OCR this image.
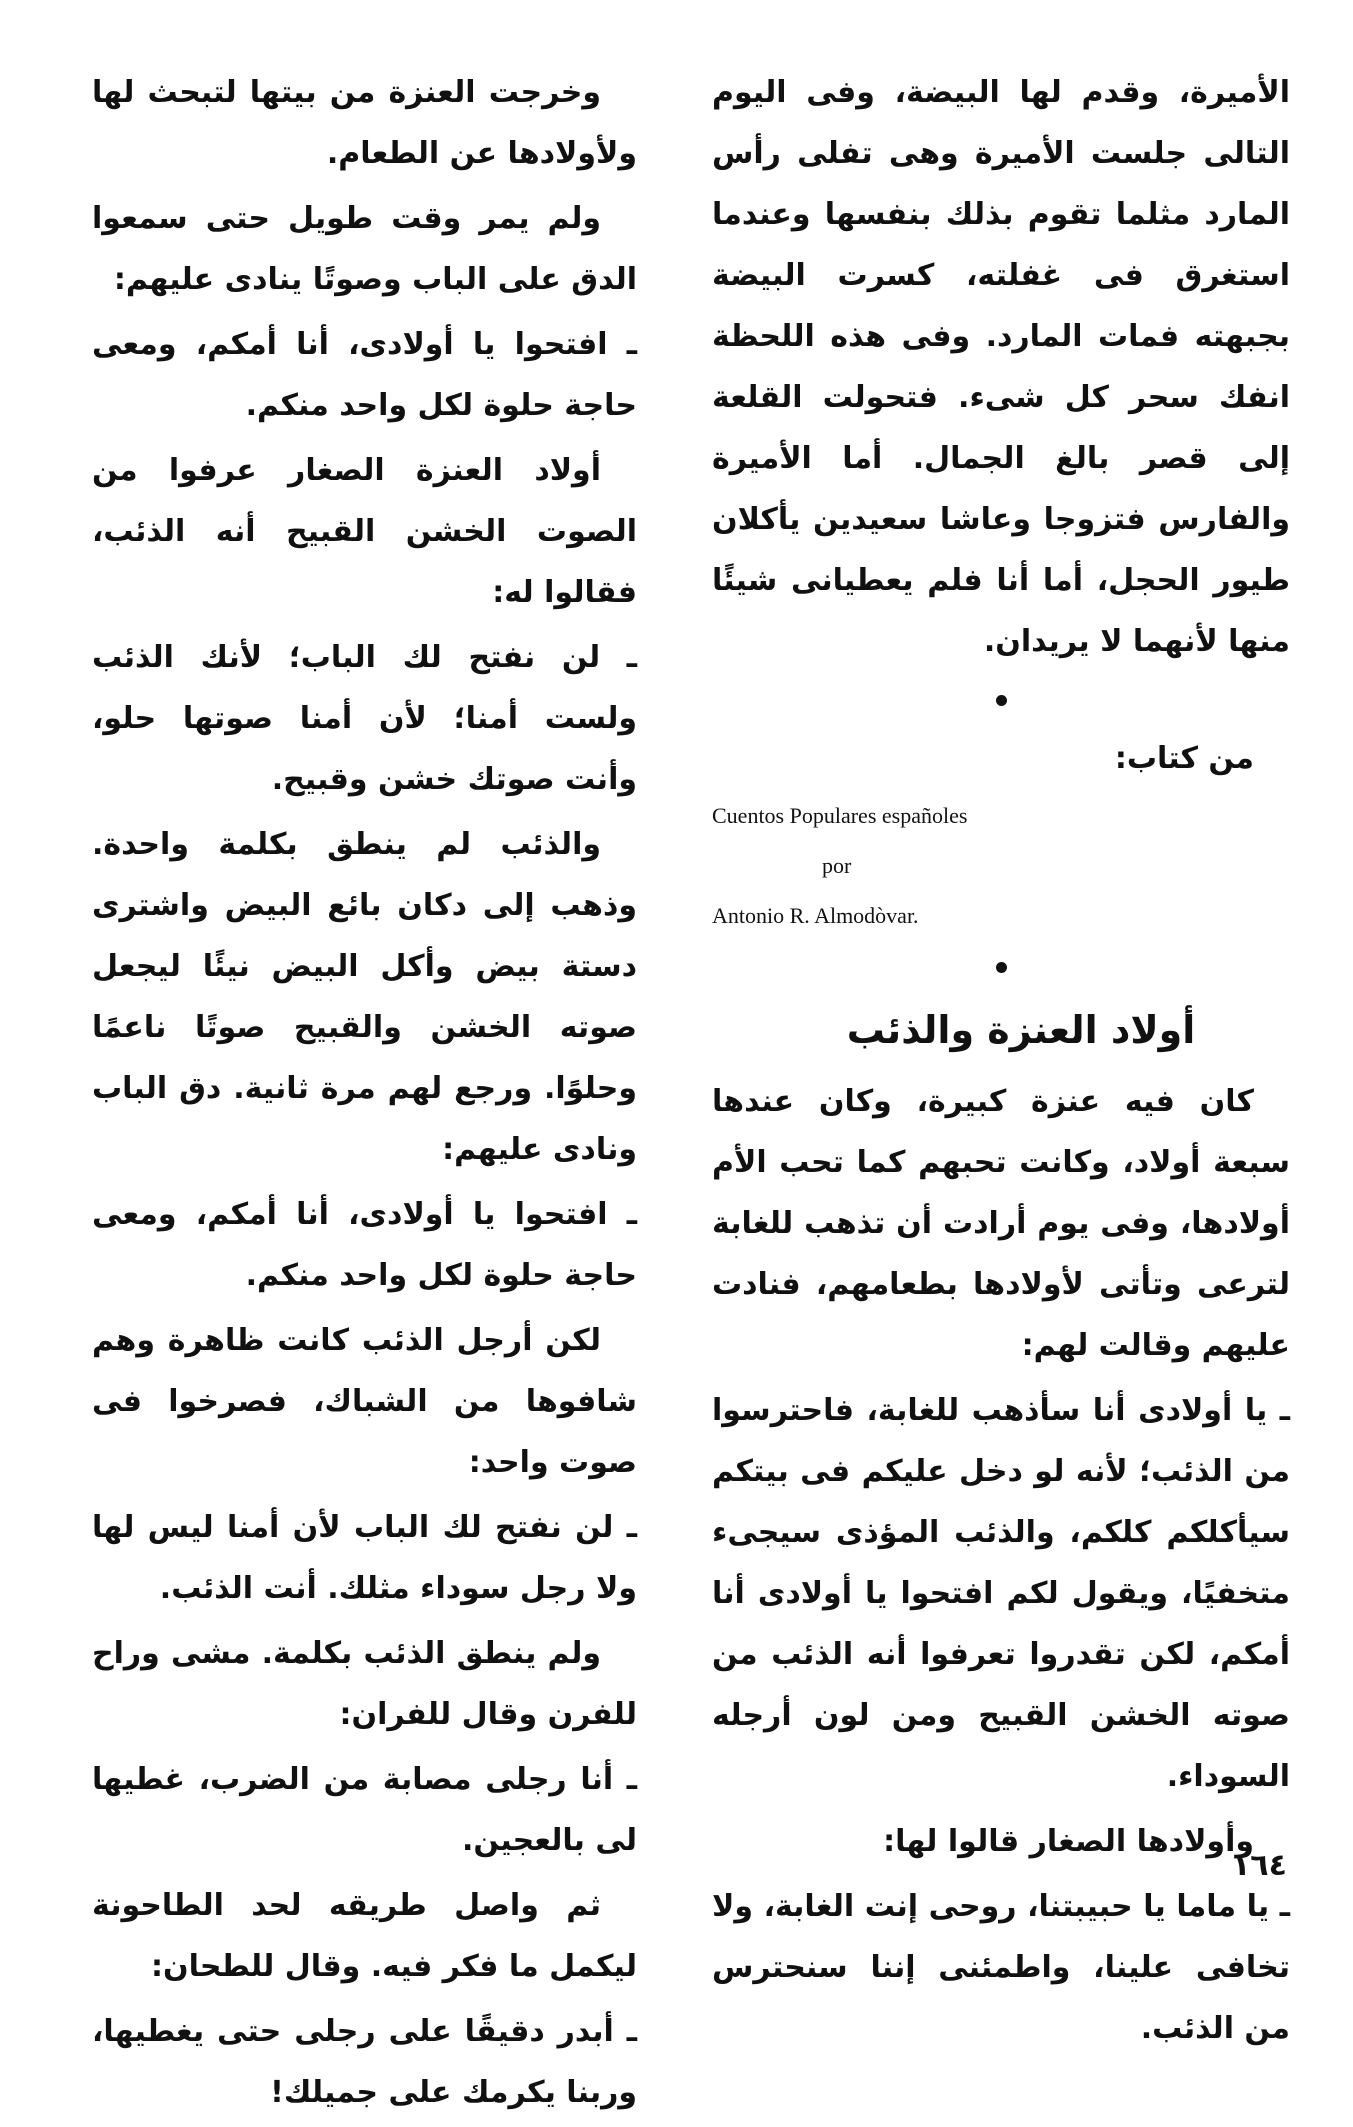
الأميرة، وقدم لها البيضة، وفى اليوم التالى جلست الأميرة وهى تفلى رأس المارد مثلما تقوم بذلك بنفسها وعندما استغرق فى غفلته، كسرت البيضة بجبهته فمات المارد. وفى هذه اللحظة انفك سحر كل شىء. فتحولت القلعة إلى قصر بالغ الجمال. أما الأميرة والفارس فتزوجا وعاشا سعيدين يأكلان طيور الحجل، أما أنا فلم يعطيانى شيئًا منها لأنهما لا يريدان.

من كتاب:

Cuentos Populares españoles

por

Antonio R. Almodòvar.

أولاد العنزة والذئب

كان فيه عنزة كبيرة، وكان عندها سبعة أولاد، وكانت تحبهم كما تحب الأم أولادها، وفى يوم أرادت أن تذهب للغابة لترعى وتأتى لأولادها بطعامهم، فنادت عليهم وقالت لهم:

ـ يا أولادى أنا سأذهب للغابة، فاحترسوا من الذئب؛ لأنه لو دخل عليكم فى بيتكم سيأكلكم كلكم، والذئب المؤذى سيجىء متخفيًا، ويقول لكم افتحوا يا أولادى أنا أمكم، لكن تقدروا تعرفوا أنه الذئب من صوته الخشن القبيح ومن لون أرجله السوداء.

وأولادها الصغار قالوا لها:

ـ يا ماما يا حبيبتنا، روحى إنت الغابة، ولا تخافى علينا، واطمئنى إننا سنحترس من الذئب.

وخرجت العنزة من بيتها لتبحث لها ولأولادها عن الطعام.

ولم يمر وقت طويل حتى سمعوا الدق على الباب وصوتًا ينادى عليهم:

ـ افتحوا يا أولادى، أنا أمكم، ومعى حاجة حلوة لكل واحد منكم.

أولاد العنزة الصغار عرفوا من الصوت الخشن القبيح أنه الذئب، فقالوا له:

ـ لن نفتح لك الباب؛ لأنك الذئب ولست أمنا؛ لأن أمنا صوتها حلو، وأنت صوتك خشن وقبيح.

والذئب لم ينطق بكلمة واحدة. وذهب إلى دكان بائع البيض واشترى دستة بيض وأكل البيض نيئًا ليجعل صوته الخشن والقبيح صوتًا ناعمًا وحلوًا. ورجع لهم مرة ثانية. دق الباب ونادى عليهم:

ـ افتحوا يا أولادى، أنا أمكم، ومعى حاجة حلوة لكل واحد منكم.

لكن أرجل الذئب كانت ظاهرة وهم شافوها من الشباك، فصرخوا فى صوت واحد:

ـ لن نفتح لك الباب لأن أمنا ليس لها ولا رجل سوداء مثلك. أنت الذئب.

ولم ينطق الذئب بكلمة. مشى وراح للفرن وقال للفران:

ـ أنا رجلى مصابة من الضرب، غطيها لى بالعجين.

ثم واصل طريقه لحد الطاحونة ليكمل ما فكر فيه. وقال للطحان:

ـ أبدر دقيقًا على رجلى حتى يغطيها، وربنا يكرمك على جميلك!

١٦٤
